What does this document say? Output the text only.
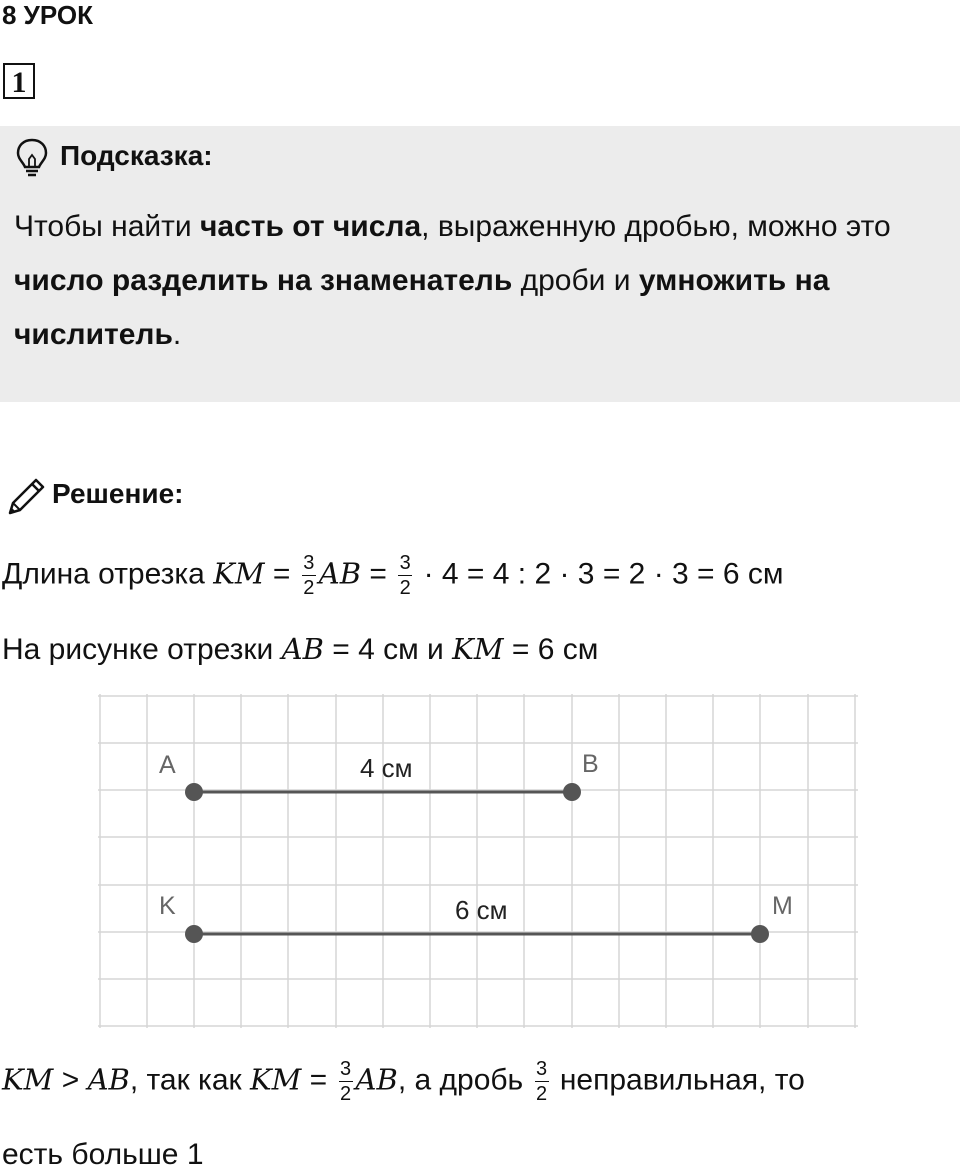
8 УРОК
1
Подсказка:
Чтобы найти часть от числа, выраженную дробью, можно это число разделить на знаменатель дроби и умножить на числитель.
Решение:
Длина отрезка KM = $\frac{3}{2}$ AB = $\frac{3}{2} \cdot 4 = 4$ : 2 · 3 = 2 · 3 = 6 см
На рисунке отрезки AB = 4 см и KM = 6 см
A	B
K	M
4 см
6 см
KM > AB, так как KM = $\frac{3}{2}$ AB, а дробь $\frac{3}{2}$ неправильная, то
есть больше 1
